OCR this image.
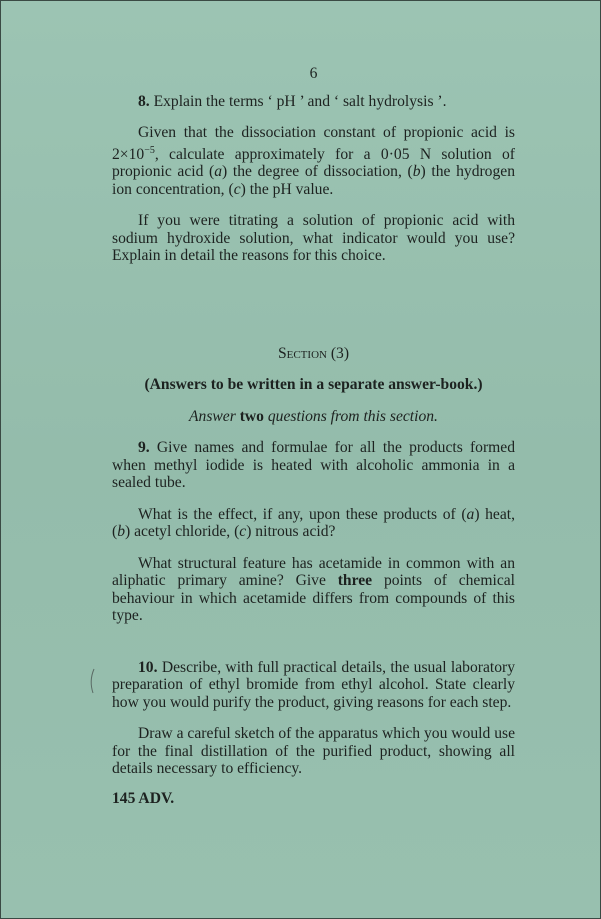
6

8. Explain the terms ‘ pH ’ and ‘ salt hydrolysis ’.

Given that the dissociation constant of propionic acid is $2\times 10^{-5}$, calculate approximately for a 0·05 N solution of propionic acid (a) the degree of dissociation, (b) the hydrogen ion concentration, (c) the pH value.

If you were titrating a solution of propionic acid with sodium hydroxide solution, what indicator would you use? Explain in detail the reasons for this choice.

Section (3)

(Answers to be written in a separate answer-book.)

Answer two questions from this section.

9. Give names and formulae for all the products formed when methyl iodide is heated with alcoholic ammonia in a sealed tube.

What is the effect, if any, upon these products of (a) heat, (b) acetyl chloride, (c) nitrous acid?

What structural feature has acetamide in common with an aliphatic primary amine? Give three points of chemical behaviour in which acetamide differs from compounds of this type.

10. Describe, with full practical details, the usual laboratory preparation of ethyl bromide from ethyl alcohol. State clearly how you would purify the product, giving reasons for each step.

Draw a careful sketch of the apparatus which you would use for the final distillation of the purified product, showing all details necessary to efficiency.

145 ADV.
